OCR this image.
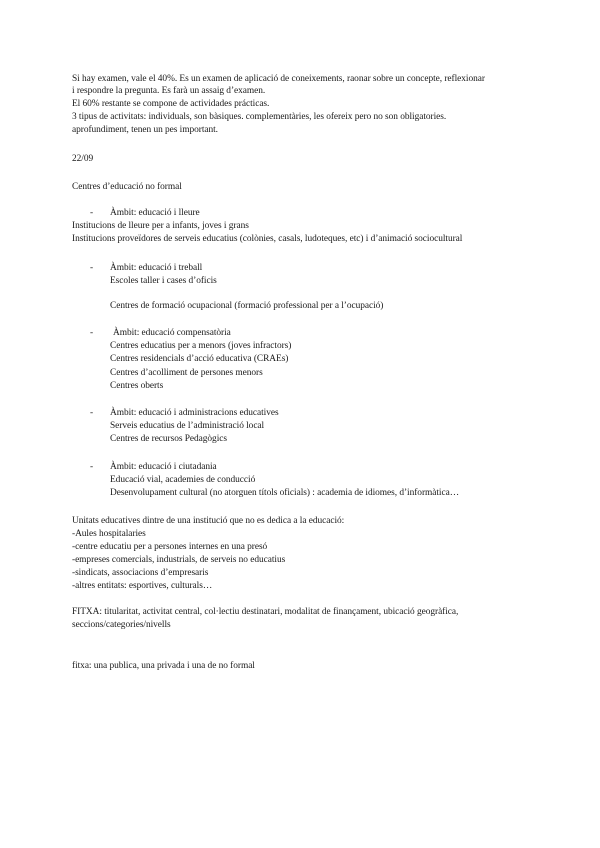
Si hay examen, vale el 40%. Es un examen de aplicació de coneixements, raonar sobre un concepte, reflexionar
i respondre la pregunta. Es farà un assaig d’examen.
El 60% restante se compone de actividades prácticas.
3 tipus de activitats: individuals, son bàsiques. complementàries, les ofereix pero no son obligatories.
aprofundiment, tenen un pes important.
22/09
Centres d’educació no formal
- Àmbit: educació i lleure
Institucions de lleure per a infants, joves i grans
Institucions proveïdores de serveis educatius (colònies, casals, ludoteques, etc) i d’animació sociocultural
- Àmbit: educació i treball
Escoles taller i cases d’oficis
Centres de formació ocupacional (formació professional per a l’ocupació)
- Àmbit: educació compensatòria
Centres educatius per a menors (joves infractors)
Centres residencials d’acció educativa (CRAEs)
Centres d’acolliment de persones menors
Centres oberts
- Àmbit: educació i administracions educatives
Serveis educatius de l’administració local
Centres de recursos Pedagògics
- Àmbit: educació i ciutadania
Educació vial, academies de conducció
Desenvolupament cultural (no atorguen títols oficials) : academia de idiomes, d’informàtica…
Unitats educatives dintre de una institució que no es dedica a la educació:
-Aules hospitalaries
-centre educatiu per a persones internes en una presó
-empreses comercials, industrials, de serveis no educatius
-sindicats, associacions d’empresaris
-altres entitats: esportives, culturals…
FITXA: titularitat, activitat central, col·lectiu destinatari, modalitat de finançament, ubicació geogràfica,
seccions/categories/nivells
fitxa: una publica, una privada i una de no formal
